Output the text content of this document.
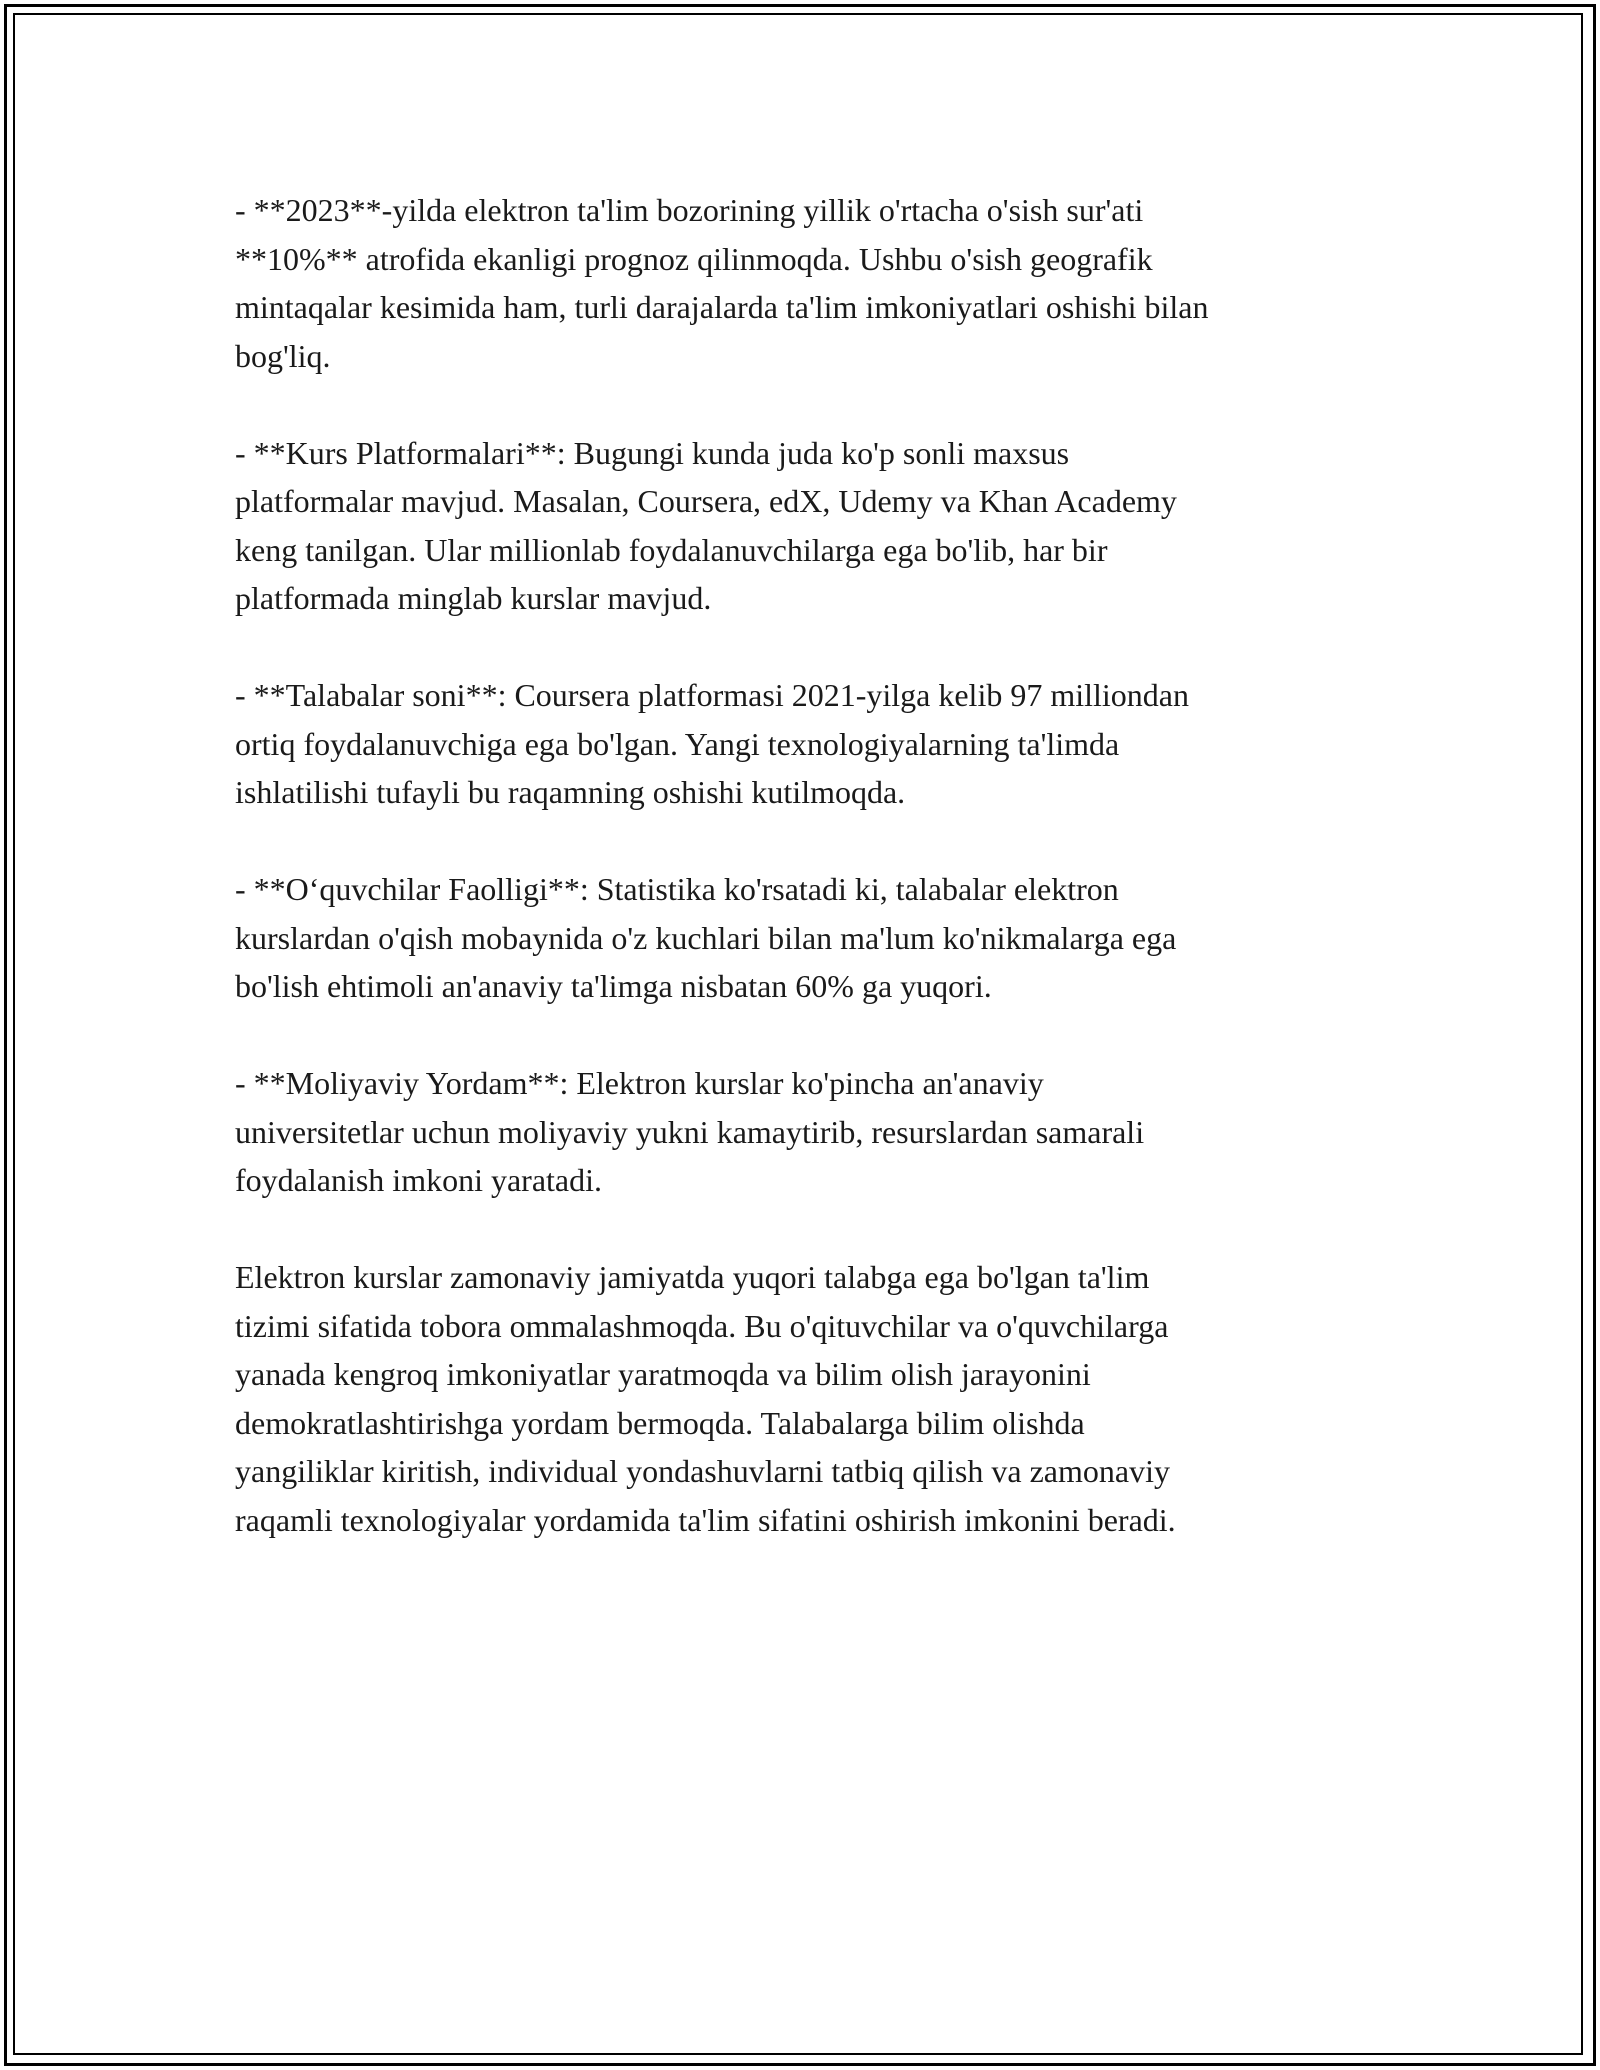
- **2023**-yilda elektron ta'lim bozorining yillik o'rtacha o'sish sur'ati
**10%** atrofida ekanligi prognoz qilinmoqda. Ushbu o'sish geografik
mintaqalar kesimida ham, turli darajalarda ta'lim imkoniyatlari oshishi bilan
bog'liq.

- **Kurs Platformalari**: Bugungi kunda juda ko'p sonli maxsus
platformalar mavjud. Masalan, Coursera, edX, Udemy va Khan Academy
keng tanilgan. Ular millionlab foydalanuvchilarga ega bo'lib, har bir
platformada minglab kurslar mavjud.

- **Talabalar soni**: Coursera platformasi 2021-yilga kelib 97 milliondan
ortiq foydalanuvchiga ega bo'lgan. Yangi texnologiyalarning ta'limda
ishlatilishi tufayli bu raqamning oshishi kutilmoqda.

- **O‘quvchilar Faolligi**: Statistika ko'rsatadi ki, talabalar elektron
kurslardan o'qish mobaynida o'z kuchlari bilan ma'lum ko'nikmalarga ega
bo'lish ehtimoli an'anaviy ta'limga nisbatan 60% ga yuqori.

- **Moliyaviy Yordam**: Elektron kurslar ko'pincha an'anaviy
universitetlar uchun moliyaviy yukni kamaytirib, resurslardan samarali
foydalanish imkoni yaratadi.

Elektron kurslar zamonaviy jamiyatda yuqori talabga ega bo'lgan ta'lim
tizimi sifatida tobora ommalashmoqda. Bu o'qituvchilar va o'quvchilarga
yanada kengroq imkoniyatlar yaratmoqda va bilim olish jarayonini
demokratlashtirishga yordam bermoqda. Talabalarga bilim olishda
yangiliklar kiritish, individual yondashuvlarni tatbiq qilish va zamonaviy
raqamli texnologiyalar yordamida ta'lim sifatini oshirish imkonini beradi.
